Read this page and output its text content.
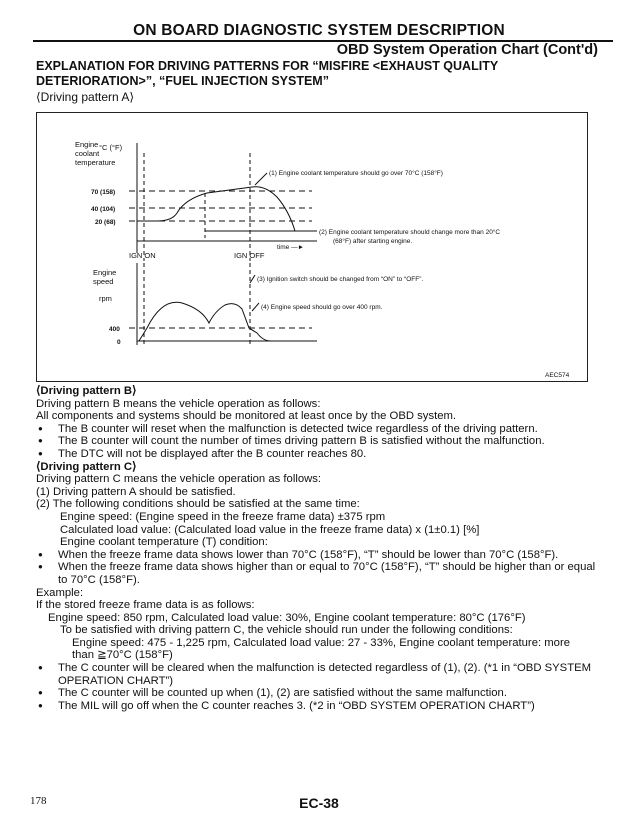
ON BOARD DIAGNOSTIC SYSTEM DESCRIPTION
OBD System Operation Chart (Cont'd)
EXPLANATION FOR DRIVING PATTERNS FOR “MISFIRE <EXHAUST QUALITY DETERIORATION>”, “FUEL INJECTION SYSTEM”
⟨Driving pattern A⟩
Engine °C (°F)
coolant
temperature
70 (158)
40 (104)
20 (68)
time —►
IGN ON	IGN OFF
Engine
speed
rpm
400
0
(1) Engine coolant temperature should go over 70°C (158°F)
(2) Engine coolant temperature should change more than 20°C
(68°F) after starting engine.
(3) Ignition switch should be changed from “ON” to “OFF”.
(4) Engine speed should go over 400 rpm.
AEC574
⟨Driving pattern B⟩
Driving pattern B means the vehicle operation as follows:
All components and systems should be monitored at least once by the OBD system.
● The B counter will reset when the malfunction is detected twice regardless of the driving pattern.
● The B counter will count the number of times driving pattern B is satisfied without the malfunction.
● The DTC will not be displayed after the B counter reaches 80.
⟨Driving pattern C⟩
Driving pattern C means the vehicle operation as follows:
(1) Driving pattern A should be satisfied.
(2) The following conditions should be satisfied at the same time:
Engine speed: (Engine speed in the freeze frame data) ±375 rpm
Calculated load value: (Calculated load value in the freeze frame data) x (1±0.1) [%]
Engine coolant temperature (T) condition:
● When the freeze frame data shows lower than 70°C (158°F), “T” should be lower than 70°C (158°F).
● When the freeze frame data shows higher than or equal to 70°C (158°F), “T” should be higher than or equal to 70°C (158°F).
Example:
If the stored freeze frame data is as follows:
Engine speed: 850 rpm, Calculated load value: 30%, Engine coolant temperature: 80°C (176°F)
To be satisfied with driving pattern C, the vehicle should run under the following conditions:
Engine speed: 475 - 1,225 rpm, Calculated load value: 27 - 33%, Engine coolant temperature: more
than ≧70°C (158°F)
● The C counter will be cleared when the malfunction is detected regardless of (1), (2). (*1 in “OBD SYSTEM OPERATION CHART”)
● The C counter will be counted up when (1), (2) are satisfied without the same malfunction.
● The MIL will go off when the C counter reaches 3. (*2 in “OBD SYSTEM OPERATION CHART”)
178	EC-38
